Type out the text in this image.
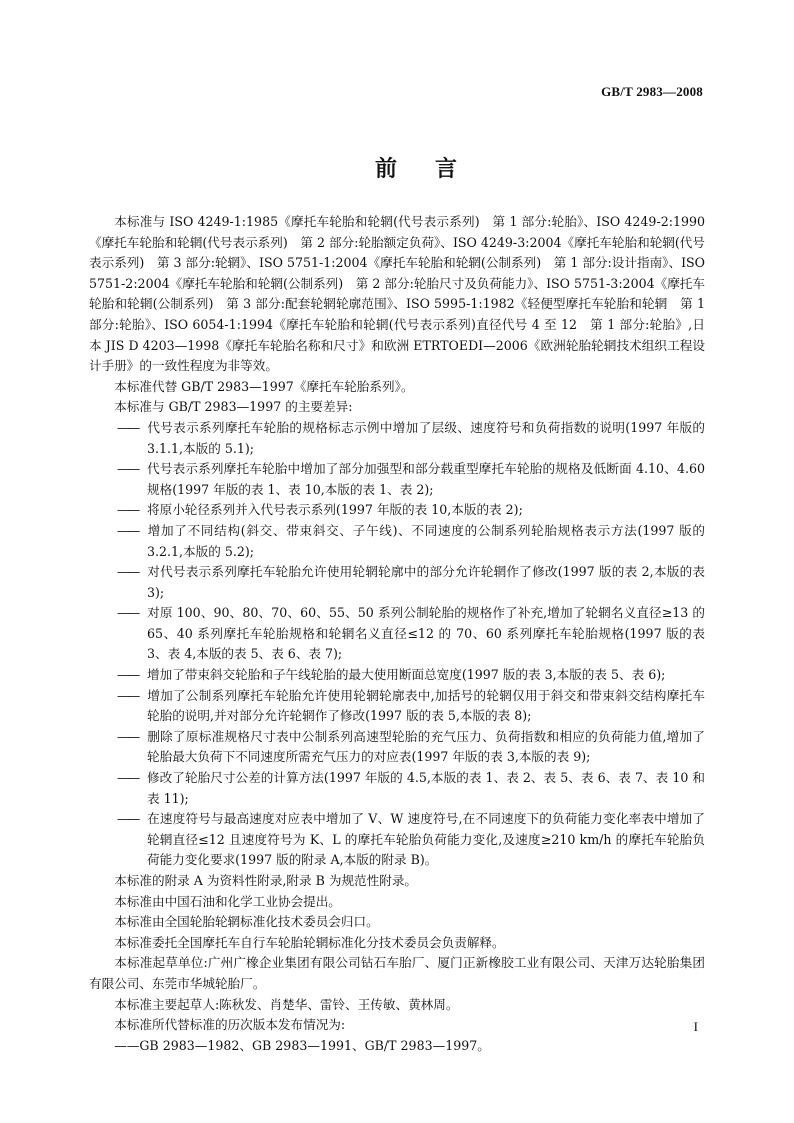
GB/T 2983—2008
前言

本标准与 ISO 4249-1:1985《摩托车轮胎和轮辋(代号表示系列)　第 1 部分:轮胎》、ISO 4249-2:1990《摩托车轮胎和轮辋(代号表示系列)　第 2 部分:轮胎额定负荷》、ISO 4249-3:2004《摩托车轮胎和轮辋(代号表示系列)　第 3 部分:轮辋》、ISO 5751-1:2004《摩托车轮胎和轮辋(公制系列)　第 1 部分:设计指南》、ISO 5751-2:2004《摩托车轮胎和轮辋(公制系列)　第 2 部分:轮胎尺寸及负荷能力》、ISO 5751-3:2004《摩托车轮胎和轮辋(公制系列)　第 3 部分:配套轮辋轮廓范围》、ISO 5995-1:1982《轻便型摩托车轮胎和轮辋　第 1 部分:轮胎》、ISO 6054-1:1994《摩托车轮胎和轮辋(代号表示系列)直径代号 4 至 12　第 1 部分:轮胎》,日本 JIS D 4203—1998《摩托车轮胎名称和尺寸》和欧洲 ETRTOEDI—2006《欧洲轮胎轮辋技术组织工程设计手册》的一致性程度为非等效。

本标准代替 GB/T 2983—1997《摩托车轮胎系列》。

本标准与 GB/T 2983—1997 的主要差异:

—— 代号表示系列摩托车轮胎的规格标志示例中增加了层级、速度符号和负荷指数的说明(1997 年版的 3.1.1,本版的 5.1);

—— 代号表示系列摩托车轮胎中增加了部分加强型和部分载重型摩托车轮胎的规格及低断面 4.10、4.60 规格(1997 年版的表 1、表 10,本版的表 1、表 2);

—— 将原小轮径系列并入代号表示系列(1997 年版的表 10,本版的表 2);

—— 增加了不同结构(斜交、带束斜交、子午线)、不同速度的公制系列轮胎规格表示方法(1997 版的 3.2.1,本版的 5.2);

—— 对代号表示系列摩托车轮胎允许使用轮辋轮廓中的部分允许轮辋作了修改(1997 版的表 2,本版的表 3);

—— 对原 100、90、80、70、60、55、50 系列公制轮胎的规格作了补充,增加了轮辋名义直径≥13 的 65、40 系列摩托车轮胎规格和轮辋名义直径≤12 的 70、60 系列摩托车轮胎规格(1997 版的表 3、表 4,本版的表 5、表 6、表 7);

—— 增加了带束斜交轮胎和子午线轮胎的最大使用断面总宽度(1997 版的表 3,本版的表 5、表 6);

—— 增加了公制系列摩托车轮胎允许使用轮辋轮廓表中,加括号的轮辋仅用于斜交和带束斜交结构摩托车轮胎的说明,并对部分允许轮辋作了修改(1997 版的表 5,本版的表 8);

—— 删除了原标准规格尺寸表中公制系列高速型轮胎的充气压力、负荷指数和相应的负荷能力值,增加了轮胎最大负荷下不同速度所需充气压力的对应表(1997 年版的表 3,本版的表 9);

—— 修改了轮胎尺寸公差的计算方法(1997 年版的 4.5,本版的表 1、表 2、表 5、表 6、表 7、表 10 和表 11);

—— 在速度符号与最高速度对应表中增加了 V、W 速度符号,在不同速度下的负荷能力变化率表中增加了轮辋直径≤12 且速度符号为 K、L 的摩托车轮胎负荷能力变化,及速度≥210 km/h 的摩托车轮胎负荷能力变化要求(1997 版的附录 A,本版的附录 B)。

本标准的附录 A 为资料性附录,附录 B 为规范性附录。

本标准由中国石油和化学工业协会提出。

本标准由全国轮胎轮辋标准化技术委员会归口。

本标准委托全国摩托车自行车轮胎轮辋标准化分技术委员会负责解释。

本标准起草单位:广州广橡企业集团有限公司钻石车胎厂、厦门正新橡胶工业有限公司、天津万达轮胎集团有限公司、东莞市华城轮胎厂。

本标准主要起草人:陈秋发、肖楚华、雷铃、王传敏、黄林周。

本标准所代替标准的历次版本发布情况为:

——GB 2983—1982、GB 2983—1991、GB/T 2983—1997。

I
